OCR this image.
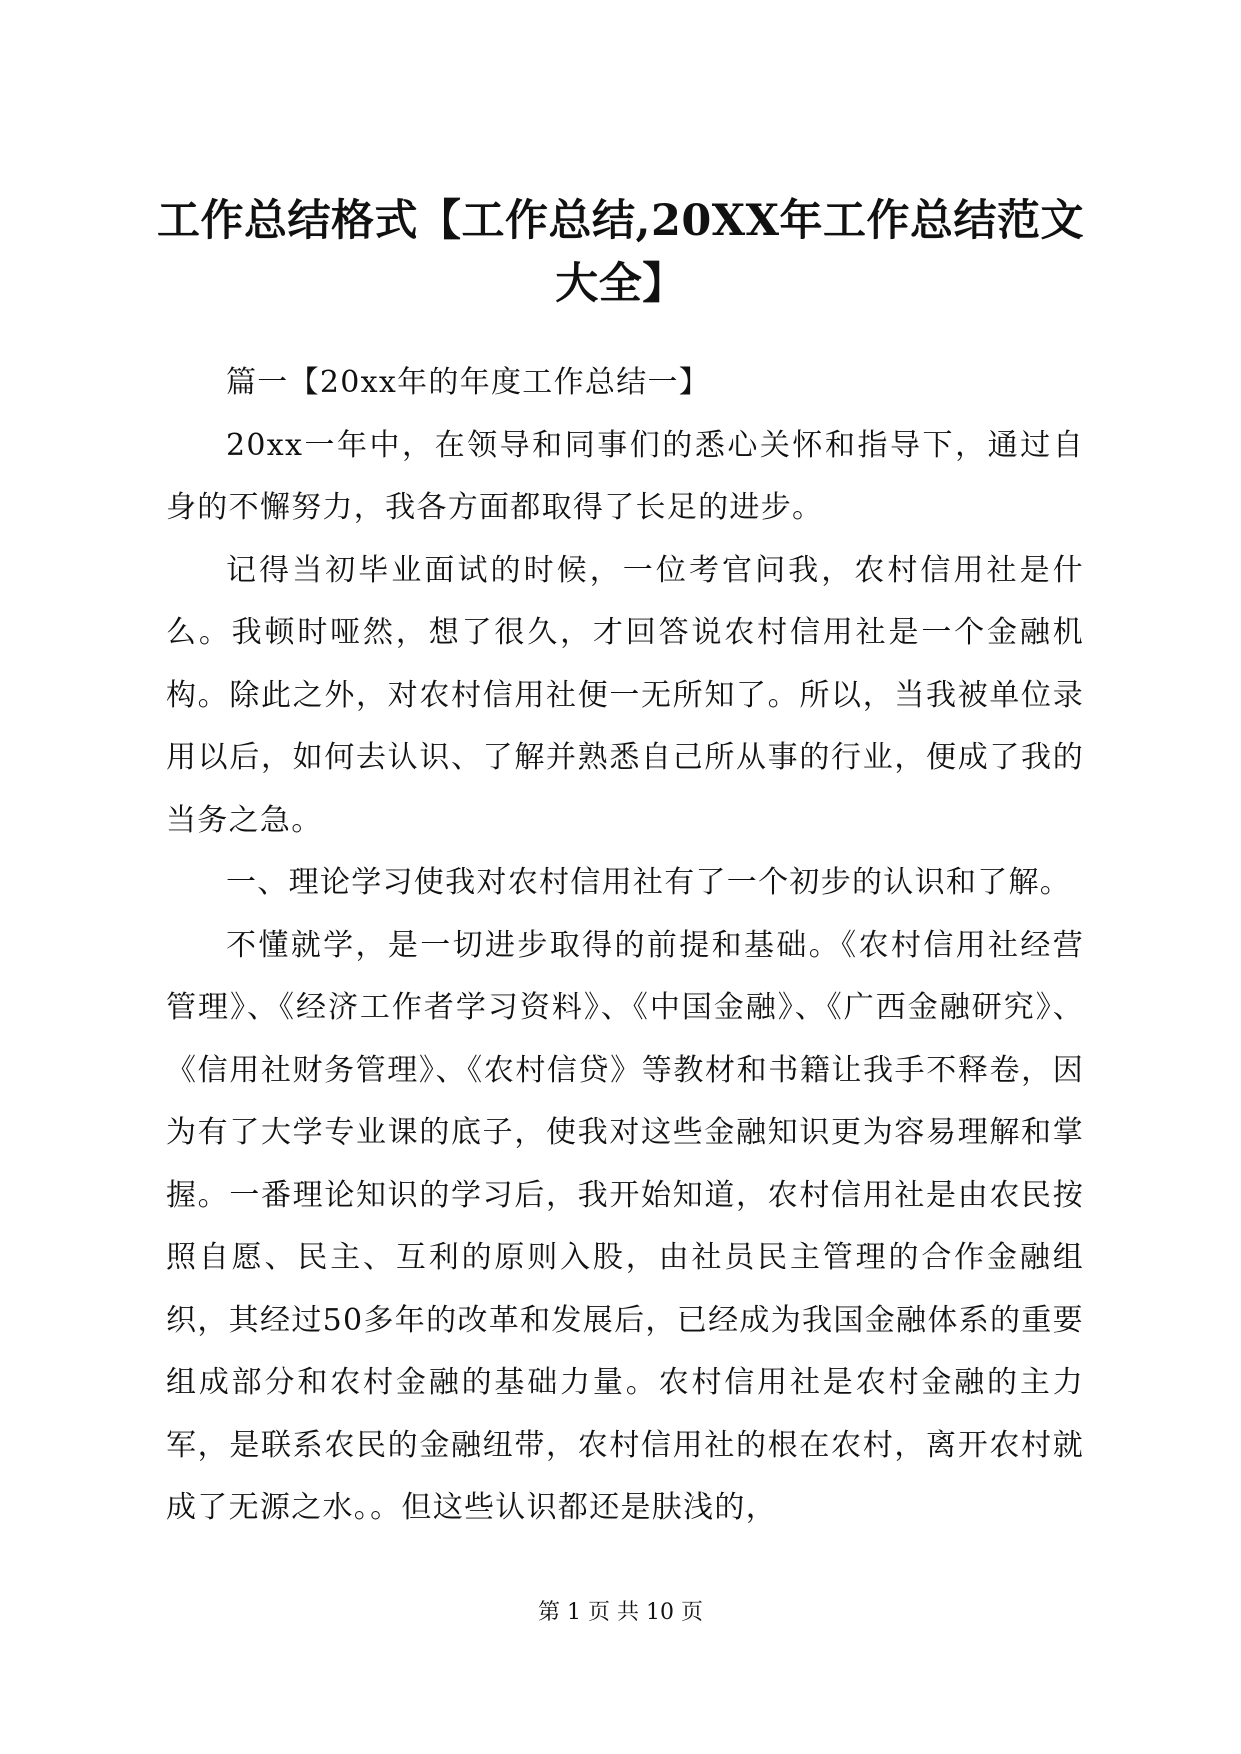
工作总结格式【工作总结,20XX年工作总结范文大全】

篇一【20xx年的年度工作总结一】

20xx一年中，在领导和同事们的悉心关怀和指导下，通过自身的不懈努力，我各方面都取得了长足的进步。

记得当初毕业面试的时候，一位考官问我，农村信用社是什么。我顿时哑然，想了很久，才回答说农村信用社是一个金融机构。除此之外，对农村信用社便一无所知了。所以，当我被单位录用以后，如何去认识、了解并熟悉自己所从事的行业，便成了我的当务之急。

一、理论学习使我对农村信用社有了一个初步的认识和了解。

不懂就学，是一切进步取得的前提和基础。《农村信用社经营管理》、《经济工作者学习资料》、《中国金融》、《广西金融研究》、《信用社财务管理》、《农村信贷》等教材和书籍让我手不释卷，因为有了大学专业课的底子，使我对这些金融知识更为容易理解和掌握。一番理论知识的学习后，我开始知道，农村信用社是由农民按照自愿、民主、互利的原则入股，由社员民主管理的合作金融组织，其经过50多年的改革和发展后，已经成为我国金融体系的重要组成部分和农村金融的基础力量。农村信用社是农村金融的主力军，是联系农民的金融纽带，农村信用社的根在农村，离开农村就成了无源之水。。但这些认识都还是肤浅的，

第 1 页 共 10 页
